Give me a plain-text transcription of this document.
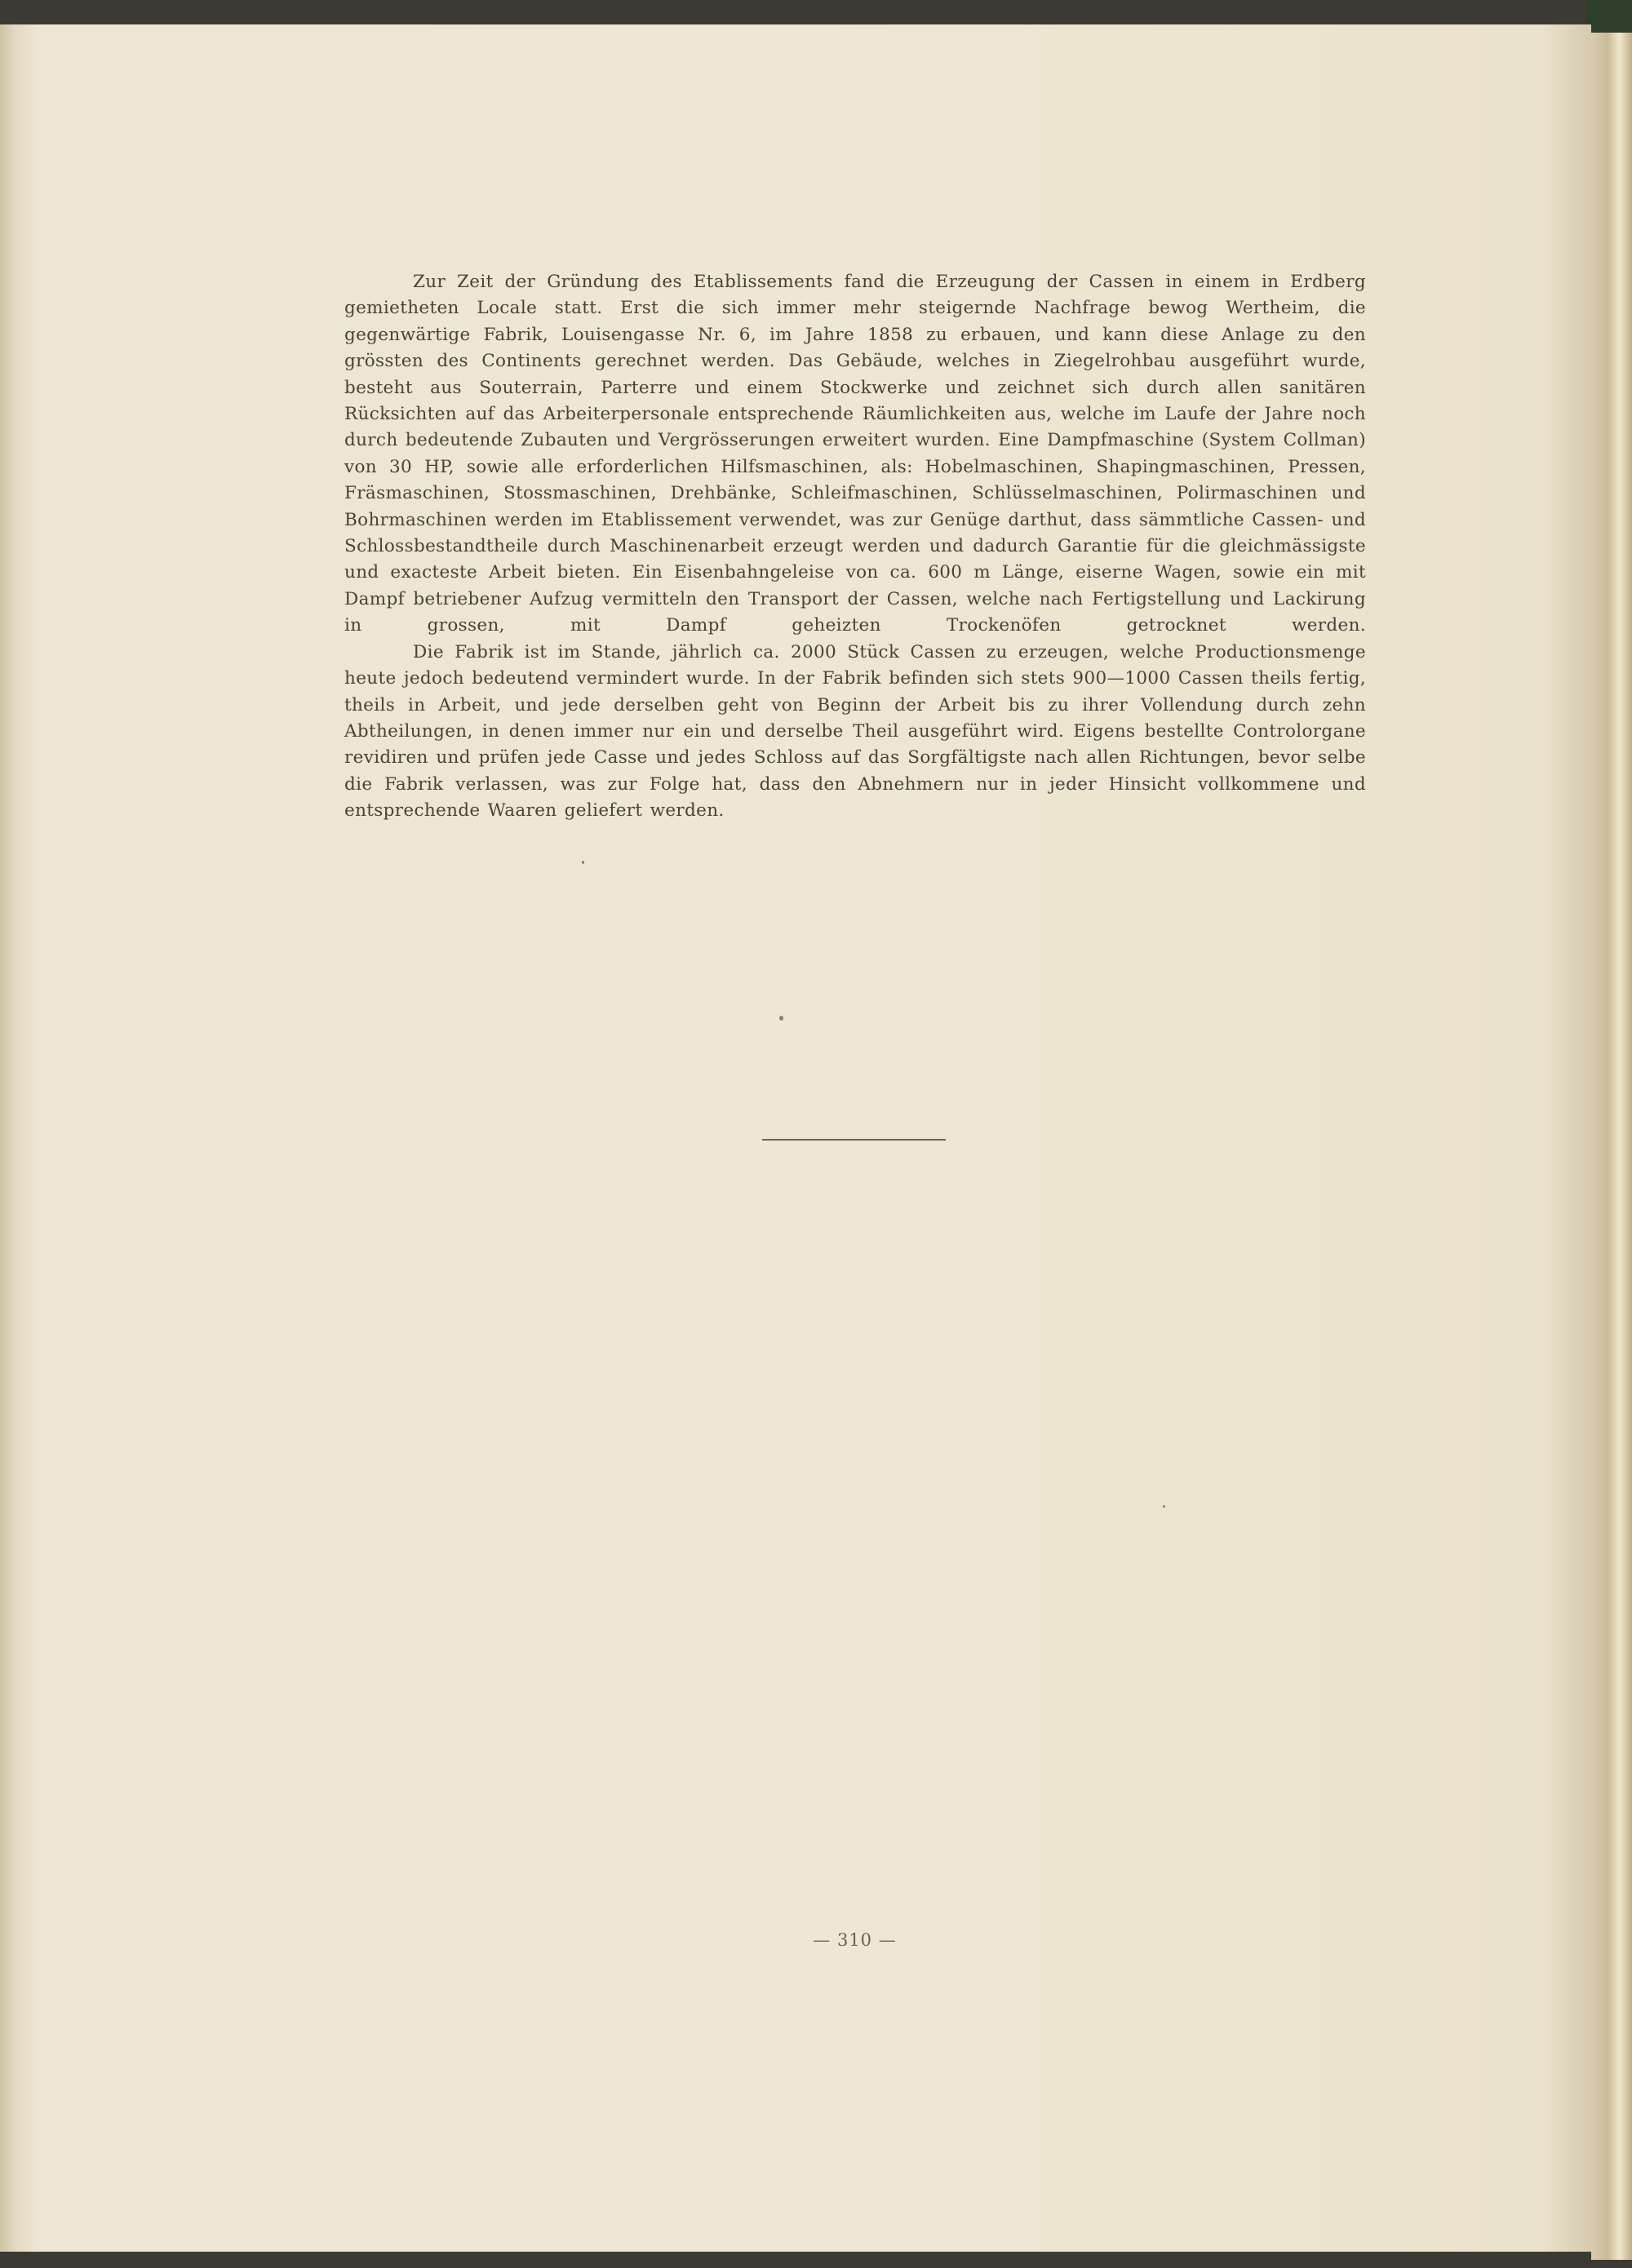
Zur Zeit der Gründung des Etablissements fand die Erzeugung der Cassen in einem in Erdberg gemietheten Locale statt. Erst die sich immer mehr steigernde Nachfrage bewog Wertheim, die gegenwärtige Fabrik, Louisengasse Nr. 6, im Jahre 1858 zu erbauen, und kann diese Anlage zu den grössten des Continents gerechnet werden. Das Gebäude, welches in Ziegelrohbau ausgeführt wurde, besteht aus Souterrain, Parterre und einem Stockwerke und zeichnet sich durch allen sanitären Rücksichten auf das Arbeiterpersonale entsprechende Räumlichkeiten aus, welche im Laufe der Jahre noch durch bedeutende Zubauten und Vergrösserungen erweitert wurden. Eine Dampfmaschine (System Collman) von 30 HP, sowie alle erforderlichen Hilfsmaschinen, als: Hobelmaschinen, Shapingmaschinen, Pressen, Fräsmaschinen, Stossmaschinen, Drehbänke, Schleifmaschinen, Schlüsselmaschinen, Polirmaschinen und Bohrmaschinen werden im Etablissement verwendet, was zur Genüge darthut, dass sämmtliche Cassen- und Schlossbestandtheile durch Maschinenarbeit erzeugt werden und dadurch Garantie für die gleichmässigste und exacteste Arbeit bieten. Ein Eisenbahngeleise von ca. 600 m Länge, eiserne Wagen, sowie ein mit Dampf betriebener Aufzug vermitteln den Transport der Cassen, welche nach Fertigstellung und Lackirung in grossen, mit Dampf geheizten Trockenöfen getrocknet werden.

Die Fabrik ist im Stande, jährlich ca. 2000 Stück Cassen zu erzeugen, welche Productionsmenge heute jedoch bedeutend vermindert wurde. In der Fabrik befinden sich stets 900—1000 Cassen theils fertig, theils in Arbeit, und jede derselben geht von Beginn der Arbeit bis zu ihrer Vollendung durch zehn Abtheilungen, in denen immer nur ein und derselbe Theil ausgeführt wird. Eigens bestellte Controlorgane revidiren und prüfen jede Casse und jedes Schloss auf das Sorgfältigste nach allen Richtungen, bevor selbe die Fabrik verlassen, was zur Folge hat, dass den Abnehmern nur in jeder Hinsicht vollkommene und entsprechende Waaren geliefert werden.

— 310 —
